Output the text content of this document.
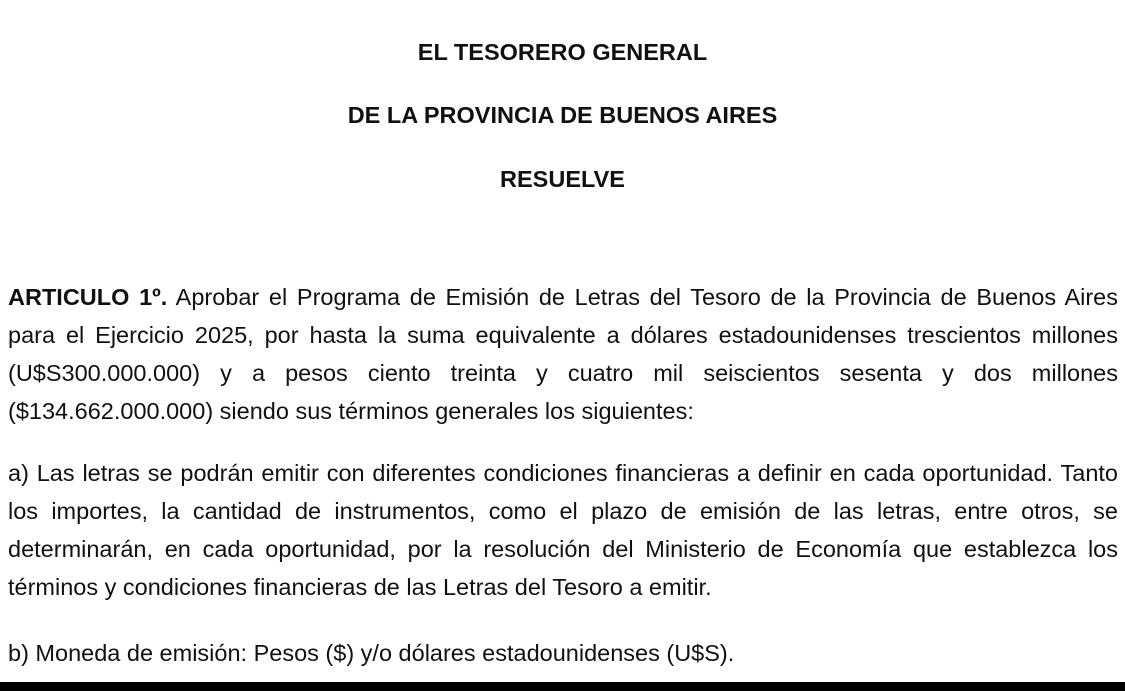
EL TESORERO GENERAL
DE LA PROVINCIA DE BUENOS AIRES
RESUELVE

ARTICULO 1º. Aprobar el Programa de Emisión de Letras del Tesoro de la Provincia de Buenos Aires para el Ejercicio 2025, por hasta la suma equivalente a dólares estadounidenses trescientos millones (U$S300.000.000) y a pesos ciento treinta y cuatro mil seiscientos sesenta y dos millones ($134.662.000.000) siendo sus términos generales los siguientes:

a) Las letras se podrán emitir con diferentes condiciones financieras a definir en cada oportunidad. Tanto los importes, la cantidad de instrumentos, como el plazo de emisión de las letras, entre otros, se determinarán, en cada oportunidad, por la resolución del Ministerio de Economía que establezca los términos y condiciones financieras de las Letras del Tesoro a emitir.

b) Moneda de emisión: Pesos ($) y/o dólares estadounidenses (U$S).
